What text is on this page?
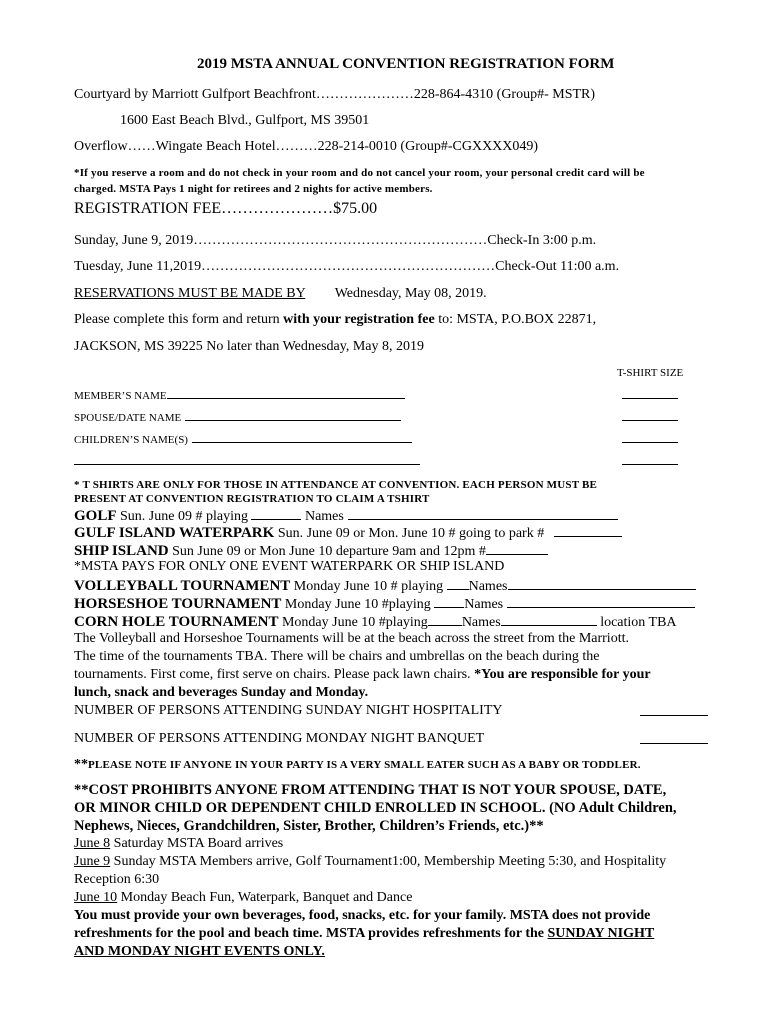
2019 MSTA ANNUAL CONVENTION REGISTRATION FORM
Courtyard by Marriott Gulfport Beachfront…………………228-864-4310 (Group#- MSTR)
1600 East Beach Blvd., Gulfport, MS 39501
Overflow……Wingate Beach Hotel………228-214-0010 (Group#-CGXXXX049)
*If you reserve a room and do not check in your room and do not cancel your room, your personal credit card will be
charged. MSTA Pays 1 night for retirees and 2 nights for active members.
REGISTRATION FEE…………………$75.00
Sunday, June 9, 2019………………………………………………………Check-In 3:00 p.m.
Tuesday, June 11,2019………………………………………………………Check-Out 11:00 a.m.
RESERVATIONS MUST BE MADE BY Wednesday, May 08, 2019.
Please complete this form and return with your registration fee to: MSTA, P.O.BOX 22871,
JACKSON, MS 39225 No later than Wednesday, May 8, 2019
T-SHIRT SIZE
MEMBER’S NAME
SPOUSE/DATE NAME
CHILDREN’S NAME(S)
* T SHIRTS ARE ONLY FOR THOSE IN ATTENDANCE AT CONVENTION. EACH PERSON MUST BE
PRESENT AT CONVENTION REGISTRATION TO CLAIM A TSHIRT
GOLF Sun. June 09 # playing	Names
GULF ISLAND WATERPARK Sun. June 09 or Mon. June 10 # going to park #
SHIP ISLAND Sun June 09 or Mon June 10 departure 9am and 12pm #
*MSTA PAYS FOR ONLY ONE EVENT WATERPARK OR SHIP ISLAND
VOLLEYBALL TOURNAMENT Monday June 10 # playing Names
HORSESHOE TOURNAMENT Monday June 10 #playing Names
CORN HOLE TOURNAMENT Monday June 10 #playing Names	location TBA
The Volleyball and Horseshoe Tournaments will be at the beach across the street from the Marriott.
The time of the tournaments TBA. There will be chairs and umbrellas on the beach during the
tournaments. First come, first serve on chairs. Please pack lawn chairs. *You are responsible for your
lunch, snack and beverages Sunday and Monday.
NUMBER OF PERSONS ATTENDING SUNDAY NIGHT HOSPITALITY
NUMBER OF PERSONS ATTENDING MONDAY NIGHT BANQUET
**PLEASE NOTE IF ANYONE IN YOUR PARTY IS A VERY SMALL EATER SUCH AS A BABY OR TODDLER.
**COST PROHIBITS ANYONE FROM ATTENDING THAT IS NOT YOUR SPOUSE, DATE,
OR MINOR CHILD OR DEPENDENT CHILD ENROLLED IN SCHOOL. (NO Adult Children,
Nephews, Nieces, Grandchildren, Sister, Brother, Children’s Friends, etc.)**
June 8 Saturday MSTA Board arrives
June 9 Sunday MSTA Members arrive, Golf Tournament1:00, Membership Meeting 5:30, and Hospitality
Reception 6:30
June 10 Monday Beach Fun, Waterpark, Banquet and Dance
You must provide your own beverages, food, snacks, etc. for your family. MSTA does not provide
refreshments for the pool and beach time. MSTA provides refreshments for the SUNDAY NIGHT
AND MONDAY NIGHT EVENTS ONLY.
